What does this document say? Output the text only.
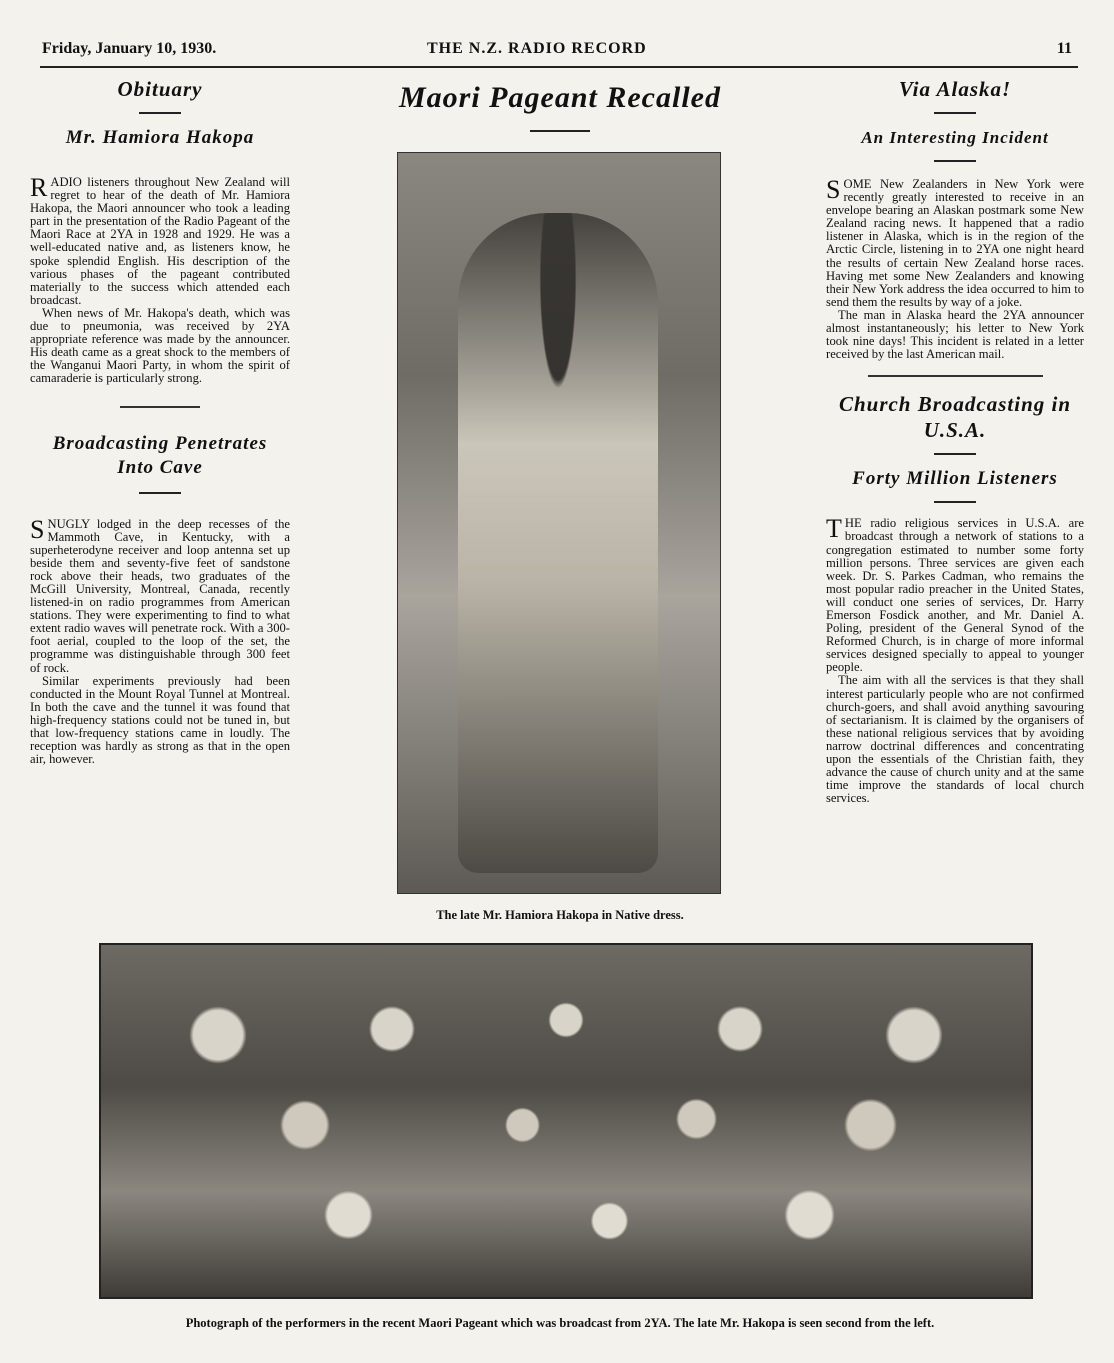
Friday, January 10, 1930.	THE N.Z. RADIO RECORD	11
Obituary
Mr. Hamiora Hakopa

RADIO listeners throughout New Zealand will regret to hear of the death of Mr. Hamiora Hakopa, the Maori announcer who took a leading part in the presentation of the Radio Pageant of the Maori Race at 2YA in 1928 and 1929. He was a well-educated native and, as listeners know, he spoke splendid English. His description of the various phases of the pageant contributed materially to the success which attended each broadcast.

When news of Mr. Hakopa's death, which was due to pneumonia, was received by 2YA appropriate reference was made by the announcer. His death came as a great shock to the members of the Wanganui Maori Party, in whom the spirit of camaraderie is particularly strong.

Broadcasting Penetrates
Into Cave

SNUGLY lodged in the deep recesses of the Mammoth Cave, in Kentucky, with a superheterodyne receiver and loop antenna set up beside them and seventy-five feet of sandstone rock above their heads, two graduates of the McGill University, Montreal, Canada, recently listened-in on radio programmes from American stations. They were experimenting to find to what extent radio waves will penetrate rock. With a 300-foot aerial, coupled to the loop of the set, the programme was distinguishable through 300 feet of rock.

Similar experiments previously had been conducted in the Mount Royal Tunnel at Montreal. In both the cave and the tunnel it was found that high-frequency stations could not be tuned in, but that low-frequency stations came in loudly. The reception was hardly as strong as that in the open air, however.

Maori Pageant Recalled
The late Mr. Hamiora Hakopa in Native dress.
Via Alaska!
An Interesting Incident

SOME New Zealanders in New York were recently greatly interested to receive in an envelope bearing an Alaskan postmark some New Zealand racing news. It happened that a radio listener in Alaska, which is in the region of the Arctic Circle, listening in to 2YA one night heard the results of certain New Zealand horse races. Having met some New Zealanders and knowing their New York address the idea occurred to him to send them the results by way of a joke.

The man in Alaska heard the 2YA announcer almost instantaneously; his letter to New York took nine days! This incident is related in a letter received by the last American mail.

Church Broadcasting in
U.S.A.
Forty Million Listeners

THE radio religious services in U.S.A. are broadcast through a network of stations to a congregation estimated to number some forty million persons. Three services are given each week. Dr. S. Parkes Cadman, who remains the most popular radio preacher in the United States, will conduct one series of services, Dr. Harry Emerson Fosdick another, and Mr. Daniel A. Poling, president of the General Synod of the Reformed Church, is in charge of more informal services designed specially to appeal to younger people.

The aim with all the services is that they shall interest particularly people who are not confirmed church-goers, and shall avoid anything savouring of sectarianism. It is claimed by the organisers of these national religious services that by avoiding narrow doctrinal differences and concentrating upon the essentials of the Christian faith, they advance the cause of church unity and at the same time improve the standards of local church services.

Photograph of the performers in the recent Maori Pageant which was broadcast from 2YA. The late Mr. Hakopa is seen second from the left.
